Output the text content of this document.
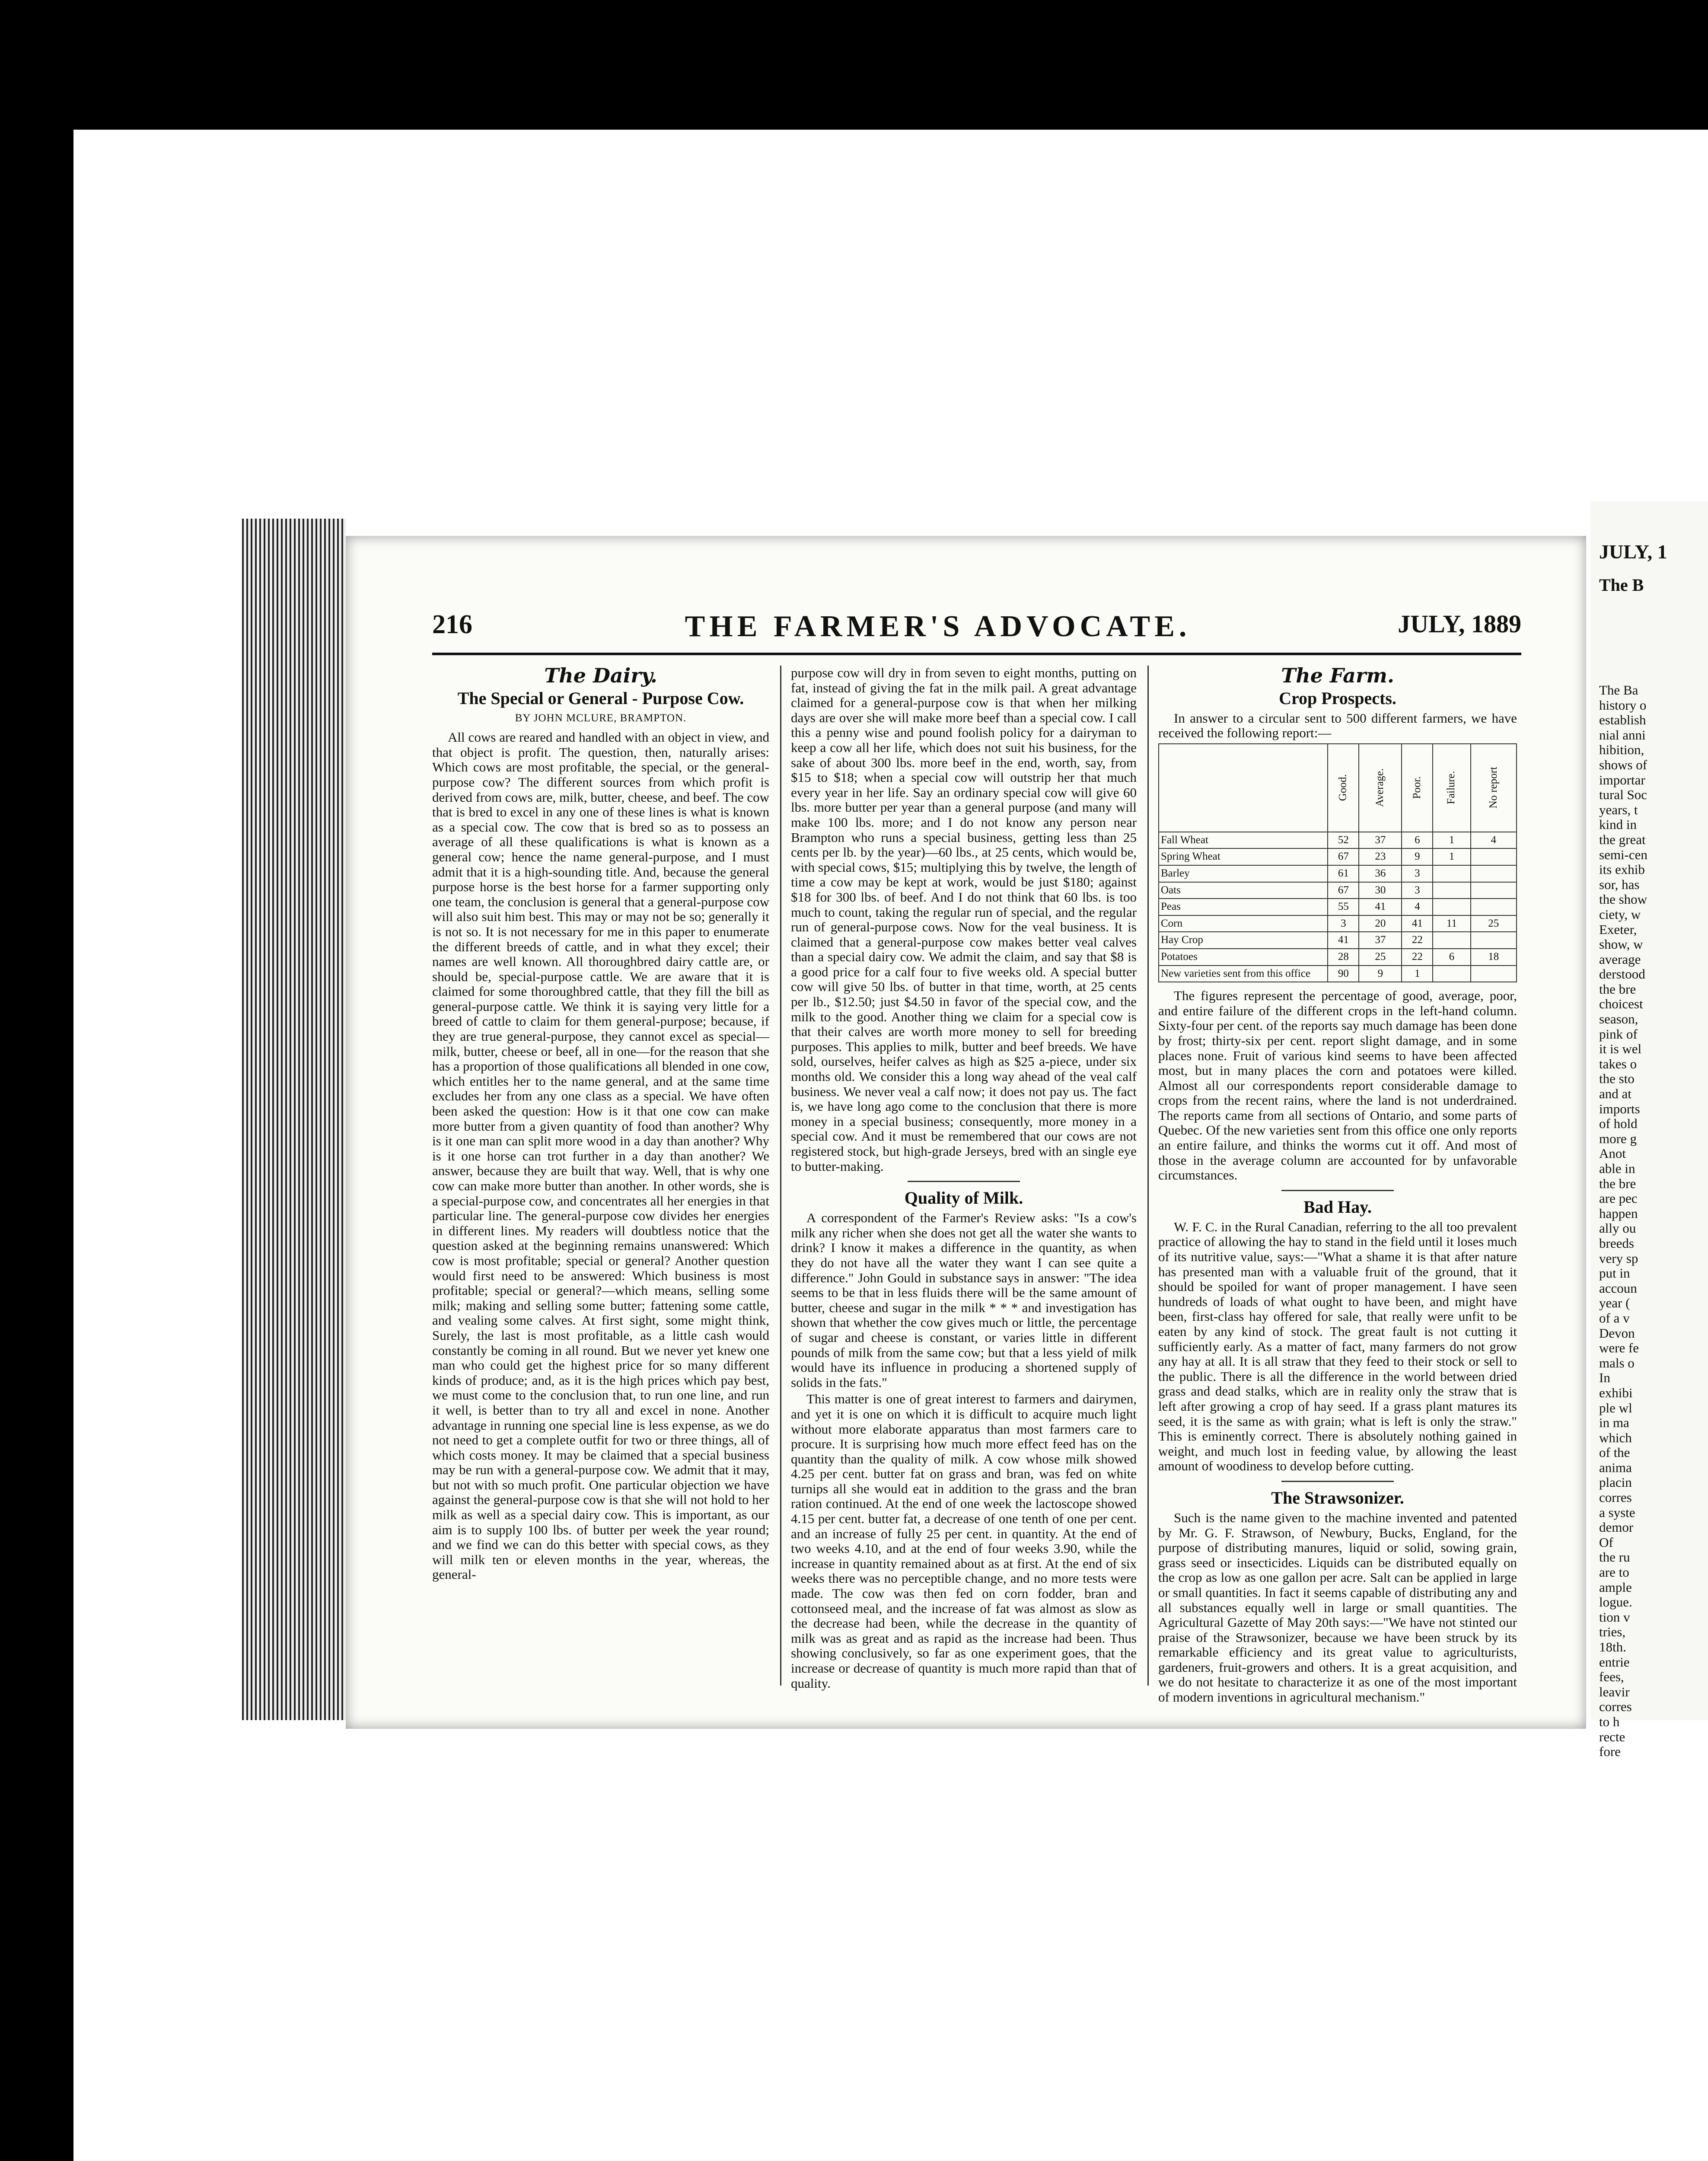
216	THE FARMER'S ADVOCATE.	JULY, 1889
The Dairy.
The Special or General - Purpose Cow.
BY JOHN MCLURE, BRAMPTON.

All cows are reared and handled with an object in view, and that object is profit. The question, then, naturally arises: Which cows are most profitable, the special, or the general-purpose cow? The different sources from which profit is derived from cows are, milk, butter, cheese, and beef. The cow that is bred to excel in any one of these lines is what is known as a special cow. The cow that is bred so as to possess an average of all these qualifications is what is known as a general cow; hence the name general-purpose, and I must admit that it is a high-sounding title. And, because the general purpose horse is the best horse for a farmer supporting only one team, the conclusion is general that a general-purpose cow will also suit him best. This may or may not be so; generally it is not so. It is not necessary for me in this paper to enumerate the different breeds of cattle, and in what they excel; their names are well known. All thoroughbred dairy cattle are, or should be, special-purpose cattle. We are aware that it is claimed for some thoroughbred cattle, that they fill the bill as general-purpose cattle. We think it is saying very little for a breed of cattle to claim for them general-purpose; because, if they are true general-purpose, they cannot excel as special—milk, butter, cheese or beef, all in one—for the reason that she has a proportion of those qualifications all blended in one cow, which entitles her to the name general, and at the same time excludes her from any one class as a special. We have often been asked the question: How is it that one cow can make more butter from a given quantity of food than another? Why is it one man can split more wood in a day than another? Why is it one horse can trot further in a day than another? We answer, because they are built that way. Well, that is why one cow can make more butter than another. In other words, she is a special-purpose cow, and concentrates all her energies in that particular line. The general-purpose cow divides her energies in different lines. My readers will doubtless notice that the question asked at the beginning remains unanswered: Which cow is most profitable; special or general? Another question would first need to be answered: Which business is most profitable; special or general?—which means, selling some milk; making and selling some butter; fattening some cattle, and vealing some calves. At first sight, some might think, Surely, the last is most profitable, as a little cash would constantly be coming in all round. But we never yet knew one man who could get the highest price for so many different kinds of produce; and, as it is the high prices which pay best, we must come to the conclusion that, to run one line, and run it well, is better than to try all and excel in none. Another advantage in running one special line is less expense, as we do not need to get a complete outfit for two or three things, all of which costs money. It may be claimed that a special business may be run with a general-purpose cow. We admit that it may, but not with so much profit. One particular objection we have against the general-purpose cow is that she will not hold to her milk as well as a special dairy cow. This is important, as our aim is to supply 100 lbs. of butter per week the year round; and we find we can do this better with special cows, as they will milk ten or eleven months in the year, whereas, the general-

purpose cow will dry in from seven to eight months, putting on fat, instead of giving the fat in the milk pail. A great advantage claimed for a general-purpose cow is that when her milking days are over she will make more beef than a special cow. I call this a penny wise and pound foolish policy for a dairyman to keep a cow all her life, which does not suit his business, for the sake of about 300 lbs. more beef in the end, worth, say, from $15 to $18; when a special cow will outstrip her that much every year in her life. Say an ordinary special cow will give 60 lbs. more butter per year than a general purpose (and many will make 100 lbs. more; and I do not know any person near Brampton who runs a special business, getting less than 25 cents per lb. by the year)—60 lbs., at 25 cents, which would be, with special cows, $15; multiplying this by twelve, the length of time a cow may be kept at work, would be just $180; against $18 for 300 lbs. of beef. And I do not think that 60 lbs. is too much to count, taking the regular run of special, and the regular run of general-purpose cows. Now for the veal business. It is claimed that a general-purpose cow makes better veal calves than a special dairy cow. We admit the claim, and say that $8 is a good price for a calf four to five weeks old. A special butter cow will give 50 lbs. of butter in that time, worth, at 25 cents per lb., $12.50; just $4.50 in favor of the special cow, and the milk to the good. Another thing we claim for a special cow is that their calves are worth more money to sell for breeding purposes. This applies to milk, butter and beef breeds. We have sold, ourselves, heifer calves as high as $25 a-piece, under six months old. We consider this a long way ahead of the veal calf business. We never veal a calf now; it does not pay us. The fact is, we have long ago come to the conclusion that there is more money in a special business; consequently, more money in a special cow. And it must be remembered that our cows are not registered stock, but high-grade Jerseys, bred with an single eye to butter-making.

Quality of Milk.

A correspondent of the Farmer's Review asks: "Is a cow's milk any richer when she does not get all the water she wants to drink? I know it makes a difference in the quantity, as when they do not have all the water they want I can see quite a difference." John Gould in substance says in answer: "The idea seems to be that in less fluids there will be the same amount of butter, cheese and sugar in the milk * * * and investigation has shown that whether the cow gives much or little, the percentage of sugar and cheese is constant, or varies little in different pounds of milk from the same cow; but that a less yield of milk would have its influence in producing a shortened supply of solids in the fats."

This matter is one of great interest to farmers and dairymen, and yet it is one on which it is difficult to acquire much light without more elaborate apparatus than most farmers care to procure. It is surprising how much more effect feed has on the quantity than the quality of milk. A cow whose milk showed 4.25 per cent. butter fat on grass and bran, was fed on white turnips all she would eat in addition to the grass and the bran ration continued. At the end of one week the lactoscope showed 4.15 per cent. butter fat, a decrease of one tenth of one per cent. and an increase of fully 25 per cent. in quantity. At the end of two weeks 4.10, and at the end of four weeks 3.90, while the increase in quantity remained about as at first. At the end of six weeks there was no perceptible change, and no more tests were made. The cow was then fed on corn fodder, bran and cottonseed meal, and the increase of fat was almost as slow as the decrease had been, while the decrease in the quantity of milk was as great and as rapid as the increase had been. Thus showing conclusively, so far as one experiment goes, that the increase or decrease of quantity is much more rapid than that of quality.

The Farm.
Crop Prospects.

In answer to a circular sent to 500 different farmers, we have received the following report:—

	Good.	Average.	Poor.	Failure.	No report
Fall Wheat	52	37	6	1	4
Spring Wheat	67	23	9	1	
Barley	61	36	3		
Oats	67	30	3		
Peas	55	41	4		
Corn	3	20	41	11	25
Hay Crop	41	37	22		
Potatoes	28	25	22	6	18
New varieties sent from this office	90	9	1		

The figures represent the percentage of good, average, poor, and entire failure of the different crops in the left-hand column. Sixty-four per cent. of the reports say much damage has been done by frost; thirty-six per cent. report slight damage, and in some places none. Fruit of various kind seems to have been affected most, but in many places the corn and potatoes were killed. Almost all our correspondents report considerable damage to crops from the recent rains, where the land is not underdrained. The reports came from all sections of Ontario, and some parts of Quebec. Of the new varieties sent from this office one only reports an entire failure, and thinks the worms cut it off. And most of those in the average column are accounted for by unfavorable circumstances.

Bad Hay.

W. F. C. in the Rural Canadian, referring to the all too prevalent practice of allowing the hay to stand in the field until it loses much of its nutritive value, says:—"What a shame it is that after nature has presented man with a valuable fruit of the ground, that it should be spoiled for want of proper management. I have seen hundreds of loads of what ought to have been, and might have been, first-class hay offered for sale, that really were unfit to be eaten by any kind of stock. The great fault is not cutting it sufficiently early. As a matter of fact, many farmers do not grow any hay at all. It is all straw that they feed to their stock or sell to the public. There is all the difference in the world between dried grass and dead stalks, which are in reality only the straw that is left after growing a crop of hay seed. If a grass plant matures its seed, it is the same as with grain; what is left is only the straw." This is eminently correct. There is absolutely nothing gained in weight, and much lost in feeding value, by allowing the least amount of woodiness to develop before cutting.

The Strawsonizer.

Such is the name given to the machine invented and patented by Mr. G. F. Strawson, of Newbury, Bucks, England, for the purpose of distributing manures, liquid or solid, sowing grain, grass seed or insecticides. Liquids can be distributed equally on the crop as low as one gallon per acre. Salt can be applied in large or small quantities. In fact it seems capable of distributing any and all substances equally well in large or small quantities. The Agricultural Gazette of May 20th says:—"We have not stinted our praise of the Strawsonizer, because we have been struck by its remarkable efficiency and its great value to agriculturists, gardeners, fruit-growers and others. It is a great acquisition, and we do not hesitate to characterize it as one of the most important of modern inventions in agricultural mechanism."

JULY, 1
The B
The Ba
history o
establish
nial anni
hibition,
shows of
importar
tural Soc
years, t
kind in
the great
semi-cen
its exhib
sor, has
the show
ciety, w
Exeter,
show, w
average
derstood
the bre
choicest
season,
pink of
it is wel
takes o
the sto
and at
imports
of hold
more g
Anot
able in
the bre
are pec
happen
ally ou
breeds
very sp
put in
accoun
year (
of a v
Devon
were fe
mals o
In
exhibi
ple wl
in ma
which
of the
anima
placin
corres
a syste
demor
Of
the ru
are to
ample
logue.
tion v
tries,
18th.
entrie
fees,
leavir
corres
to h
recte
fore
